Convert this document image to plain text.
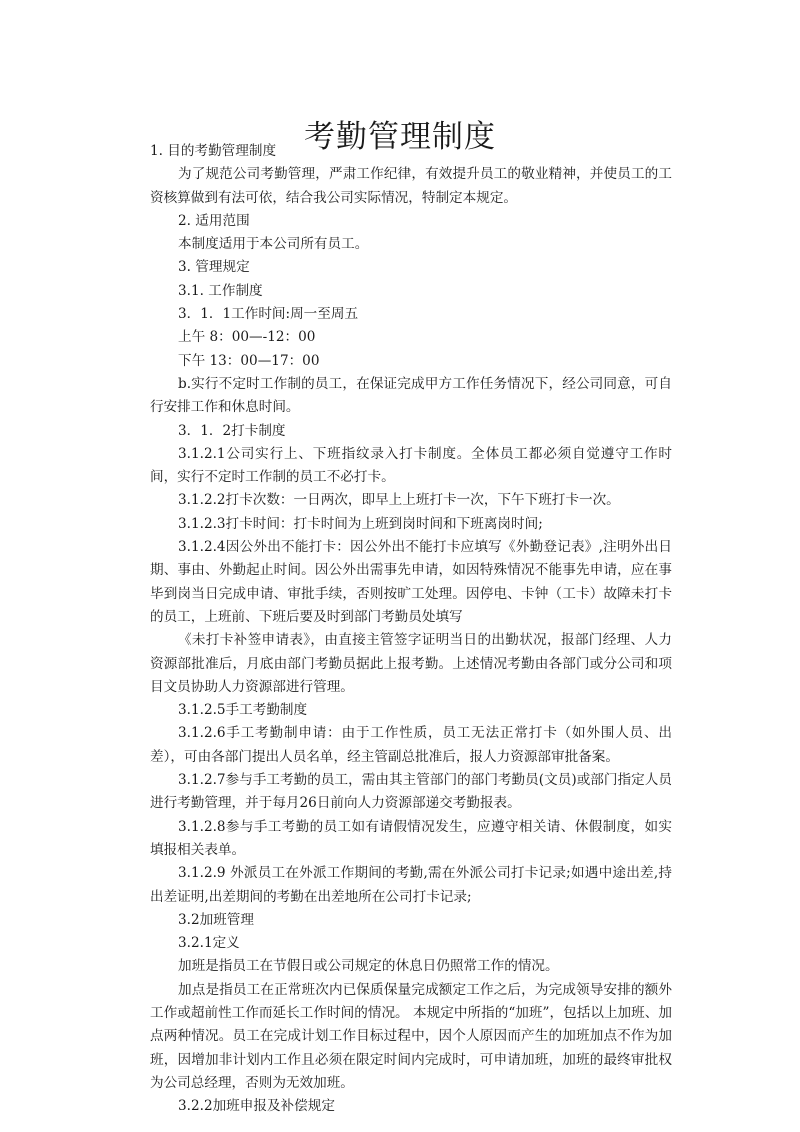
考勤管理制度

1. 目的考勤管理制度

为了规范公司考勤管理，严肃工作纪律，有效提升员工的敬业精神，并使员工的工资核算做到有法可依，结合我公司实际情况，特制定本规定。

2. 适用范围

本制度适用于本公司所有员工。

3. 管理规定

3.1. 工作制度

3．1．1工作时间:周一至周五

上午 8：00—-12：00

下午 13：00—17：00

b.实行不定时工作制的员工，在保证完成甲方工作任务情况下，经公司同意，可自行安排工作和休息时间。

3．1．2打卡制度

3.1.2.1公司实行上、下班指纹录入打卡制度。全体员工都必须自觉遵守工作时间，实行不定时工作制的员工不必打卡。

3.1.2.2打卡次数：一日两次，即早上上班打卡一次，下午下班打卡一次。

3.1.2.3打卡时间：打卡时间为上班到岗时间和下班离岗时间;

3.1.2.4因公外出不能打卡：因公外出不能打卡应填写《外勤登记表》,注明外出日期、事由、外勤起止时间。因公外出需事先申请，如因特殊情况不能事先申请，应在事毕到岗当日完成申请、审批手续，否则按旷工处理。因停电、卡钟（工卡）故障未打卡的员工，上班前、下班后要及时到部门考勤员处填写

《未打卡补签申请表》，由直接主管签字证明当日的出勤状况，报部门经理、人力资源部批准后，月底由部门考勤员据此上报考勤。上述情况考勤由各部门或分公司和项目文员协助人力资源部进行管理。

3.1.2.5手工考勤制度

3.1.2.6手工考勤制申请：由于工作性质，员工无法正常打卡（如外围人员、出差），可由各部门提出人员名单，经主管副总批准后，报人力资源部审批备案。

3.1.2.7参与手工考勤的员工，需由其主管部门的部门考勤员(文员)或部门指定人员进行考勤管理，并于每月26日前向人力资源部递交考勤报表。

3.1.2.8参与手工考勤的员工如有请假情况发生，应遵守相关请、休假制度，如实填报相关表单。

3.1.2.9 外派员工在外派工作期间的考勤,需在外派公司打卡记录;如遇中途出差,持出差证明,出差期间的考勤在出差地所在公司打卡记录;

3.2加班管理

3.2.1定义

加班是指员工在节假日或公司规定的休息日仍照常工作的情况。

加点是指员工在正常班次内已保质保量完成额定工作之后，为完成领导安排的额外工作或超前性工作而延长工作时间的情况。 本规定中所指的“加班”，包括以上加班、加点两种情况。员工在完成计划工作目标过程中，因个人原因而产生的加班加点不作为加班，因增加非计划内工作且必须在限定时间内完成时，可申请加班，加班的最终审批权为公司总经理，否则为无效加班。

3.2.2加班申报及补偿规定
